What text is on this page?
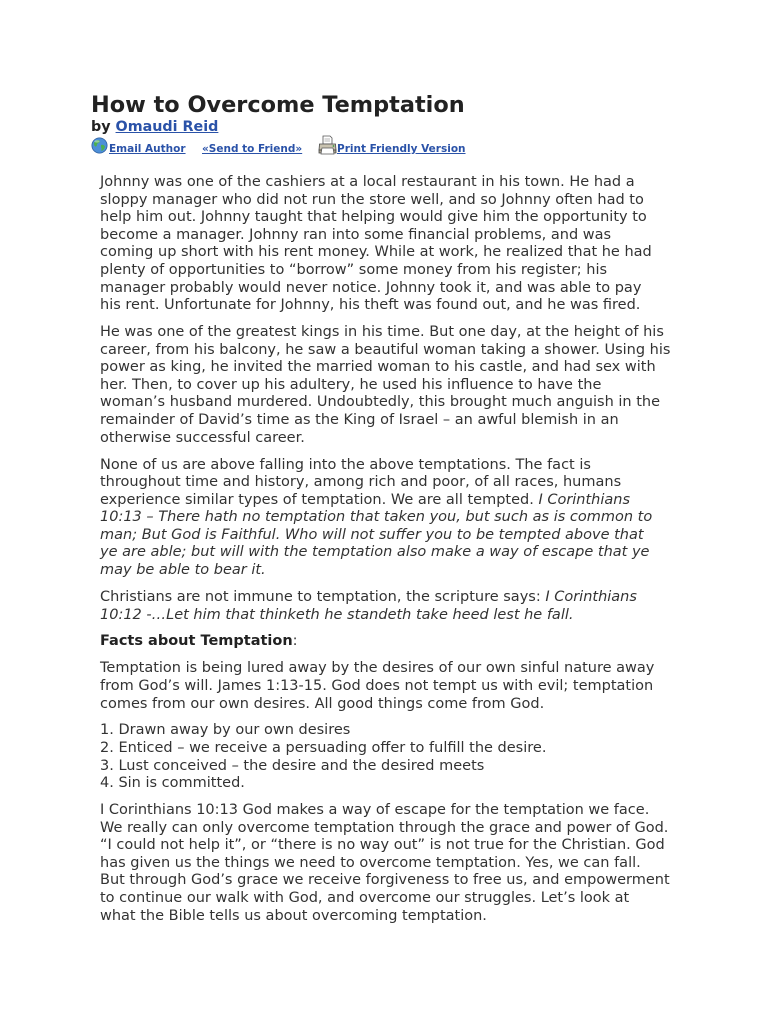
How to Overcome Temptation
by Omaudi Reid
Email Author «Send to Friend»	Print Friendly Version

Johnny was one of the cashiers at a local restaurant in his town. He had a
sloppy manager who did not run the store well, and so Johnny often had to
help him out. Johnny taught that helping would give him the opportunity to
become a manager. Johnny ran into some financial problems, and was
coming up short with his rent money. While at work, he realized that he had
plenty of opportunities to “borrow” some money from his register; his
manager probably would never notice. Johnny took it, and was able to pay
his rent. Unfortunate for Johnny, his theft was found out, and he was fired.

He was one of the greatest kings in his time. But one day, at the height of his
career, from his balcony, he saw a beautiful woman taking a shower. Using his
power as king, he invited the married woman to his castle, and had sex with
her. Then, to cover up his adultery, he used his influence to have the
woman’s husband murdered. Undoubtedly, this brought much anguish in the
remainder of David’s time as the King of Israel – an awful blemish in an
otherwise successful career.

None of us are above falling into the above temptations. The fact is
throughout time and history, among rich and poor, of all races, humans
experience similar types of temptation. We are all tempted. I Corinthians
10:13 – There hath no temptation that taken you, but such as is common to
man; But God is Faithful. Who will not suffer you to be tempted above that
ye are able; but will with the temptation also make a way of escape that ye
may be able to bear it.

Christians are not immune to temptation, the scripture says: I Corinthians
10:12 -…Let him that thinketh he standeth take heed lest he fall.

Facts about Temptation:

Temptation is being lured away by the desires of our own sinful nature away
from God’s will. James 1:13-15. God does not tempt us with evil; temptation
comes from our own desires. All good things come from God.

1. Drawn away by our own desires
2. Enticed – we receive a persuading offer to fulfill the desire.
3. Lust conceived – the desire and the desired meets
4. Sin is committed.

I Corinthians 10:13 God makes a way of escape for the temptation we face.
We really can only overcome temptation through the grace and power of God.
“I could not help it”, or “there is no way out” is not true for the Christian. God
has given us the things we need to overcome temptation. Yes, we can fall.
But through God’s grace we receive forgiveness to free us, and empowerment
to continue our walk with God, and overcome our struggles. Let’s look at
what the Bible tells us about overcoming temptation.
